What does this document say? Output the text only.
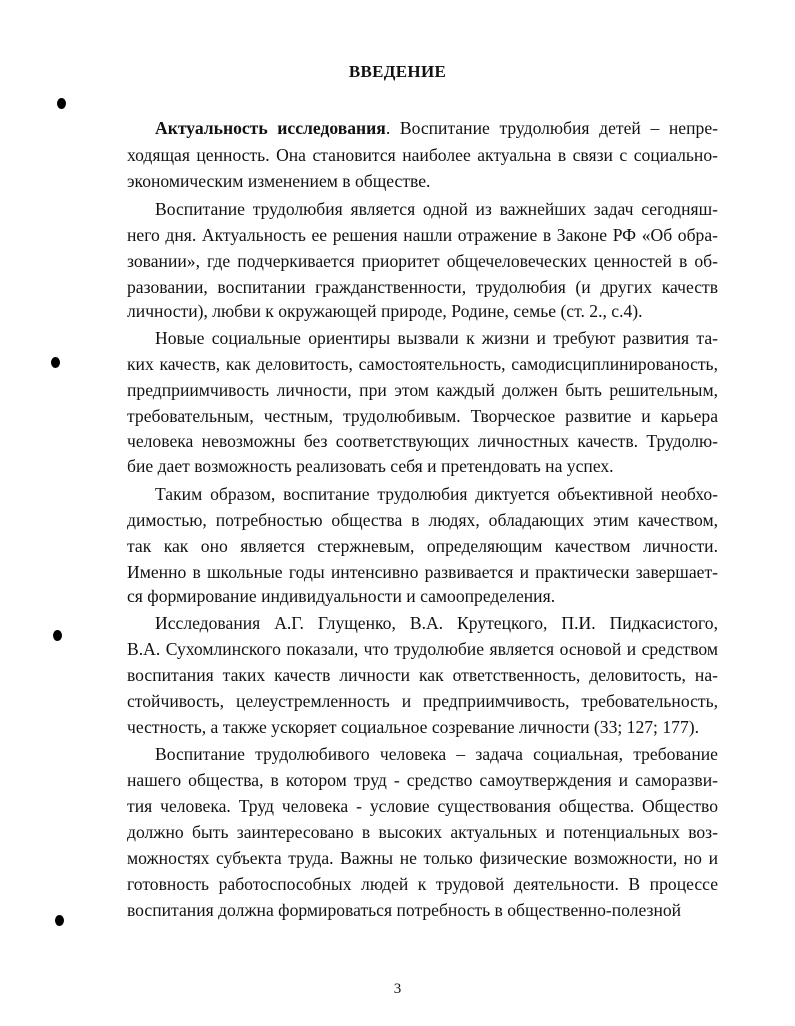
ВВЕДЕНИЕ
Актуальность исследования. Воспитание трудолюбия детей – непре-
ходящая ценность. Она становится наиболее актуальна в связи с социально-
экономическим изменением в обществе.
Воспитание трудолюбия является одной из важнейших задач сегодняш-
него дня. Актуальность ее решения нашли отражение в Законе РФ «Об обра-
зовании», где подчеркивается приоритет общечеловеческих ценностей в об-
разовании, воспитании гражданственности, трудолюбия (и других качеств
личности), любви к окружающей природе, Родине, семье (ст. 2., с.4).
Новые социальные ориентиры вызвали к жизни и требуют развития та-
ких качеств, как деловитость, самостоятельность, самодисциплинированость,
предприимчивость личности, при этом каждый должен быть решительным,
требовательным, честным, трудолюбивым. Творческое развитие и карьера
человека невозможны без соответствующих личностных качеств. Трудолю-
бие дает возможность реализовать себя и претендовать на успех.
Таким образом, воспитание трудолюбия диктуется объективной необхо-
димостью, потребностью общества в людях, обладающих этим качеством,
так как оно является стержневым, определяющим качеством личности.
Именно в школьные годы интенсивно развивается и практически завершает-
ся формирование индивидуальности и самоопределения.
Исследования А.Г. Глущенко, В.А. Крутецкого, П.И. Пидкасистого,
В.А. Сухомлинского показали, что трудолюбие является основой и средством
воспитания таких качеств личности как ответственность, деловитость, на-
стойчивость, целеустремленность и предприимчивость, требовательность,
честность, а также ускоряет социальное созревание личности (33; 127; 177).
Воспитание трудолюбивого человека – задача социальная, требование
нашего общества, в котором труд - средство самоутверждения и саморазви-
тия человека. Труд человека - условие существования общества. Общество
должно быть заинтересовано в высоких актуальных и потенциальных воз-
можностях субъекта труда. Важны не только физические возможности, но и
готовность работоспособных людей к трудовой деятельности. В процессе
воспитания должна формироваться потребность в общественно-полезной
3
